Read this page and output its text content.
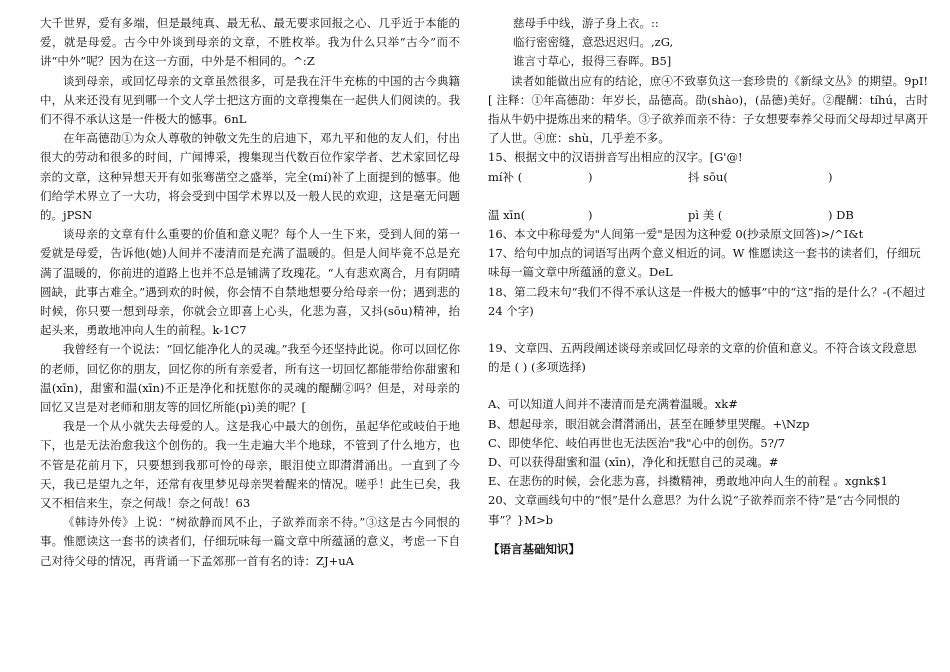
大千世界，爱有多端，但是最纯真、最无私、最无要求回报之心、几乎近于本能的爱，就是母爱。古今中外谈到母亲的文章，不胜枚举。我为什么只举“古今”而不讲“中外”呢？因为在这一方面，中外是不相同的。^:Z

谈到母亲，或回忆母亲的文章虽然很多，可是我在汗牛充栋的中国的古今典籍中，从来还没有见到哪一个文人学士把这方面的文章搜集在一起供人们阅读的。我们不得不承认这是一件极大的憾事。6nL

在年高德劭①为众人尊敬的钟敬文先生的启迪下，邓九平和他的友人们，付出很大的劳动和很多的时间，广闻博采，搜集现当代数百位作家学者、艺术家回忆母亲的文章，这种异想天开有如张骞凿空之盛举，完全(mí)补了上面提到的憾事。他们给学术界立了一大功，将会受到中国学术界以及一般人民的欢迎，这是毫无问题的。jPSN

谈母亲的文章有什么重要的价值和意义呢？每个人一生下来，受到人间的第一爱就是母爱，告诉他(她)人间并不凄清而是充满了温暖的。但是人间毕竟不总是充满了温暖的，你前进的道路上也并不总是铺满了玫瑰花。“人有悲欢离合，月有阴晴圆缺，此事古难全。”遇到欢的时候，你会情不自禁地想要分给母亲一份；遇到悲的时候，你只要一想到母亲，你就会立即喜上心头，化悲为喜，又抖(sōu)精神，抬起头来，勇敢地冲向人生的前程。k-1C7

我曾经有一个说法：“回忆能净化人的灵魂。”我至今还坚持此说。你可以回忆你的老师，回忆你的朋友，回忆你的所有亲爱者，所有这一切回忆都能带给你甜蜜和温(xīn)，甜蜜和温(xīn)不正是净化和抚慰你的灵魂的醍醐②吗？但是，对母亲的回忆又岂是对老师和朋友等的回忆所能(pì)美的呢？[

我是一个从小就失去母爱的人。这是我心中最大的创伤，虽起华佗或岐伯于地下，也是无法治愈我这个创伤的。我一生走遍大半个地球，不管到了什么地方，也不管是花前月下，只要想到我那可怜的母亲，眼泪使立即潸潸涌出。一直到了今天，我已是望九之年，还常有夜里梦见母亲哭着醒来的情况。嗟乎！此生已矣，我又不相信来生，奈之何哉！奈之何哉！63

《韩诗外传》上说：“树欲静而风不止，子欲养而亲不待。”③这是古今同恨的事。惟愿读这一套书的读者们，仔细玩味每一篇文章中所蕴涵的意义，考虑一下自己对待父母的情况，再背诵一下孟郊那一首有名的诗：ZJ+uA

慈母手中线，游子身上衣。::

临行密密缝，意恐迟迟归。,zG,

谁言寸草心，报得三春晖。B5]

读者如能做出应有的结论，庶④不致辜负这一套珍贵的《新绿文丛》的期望。9pI![ 注释：①年高德劭：年岁长，品德高。劭(shào)，(品德)美好。②醍醐：tíhú，古时指从牛奶中提炼出来的精华。③子欲养而亲不待：子女想要奉养父母而父母却过早离开了人世。④庶：shù，几乎差不多。

15、根据文中的汉语拼音写出相应的汉字。[G'@!

mí补 (	)	抖 sōu(	)
温 xīn(	)	pì 美 (	) DB

16、本文中称母爱为"人间第一爱"是因为这种爱 0(抄录原文回答)>/^I&t

17、给句中加点的词语写出两个意义相近的词。W 惟愿读这一套书的读者们，仔细玩味每一篇文章中所蕴涵的意义。DeL

18、第二段末句“我们不得不承认这是一件极大的憾事”中的“这”指的是什么？-(不超过 24 个字)

19、文章四、五两段阐述谈母亲或回忆母亲的文章的价值和意义。不符合该文段意思的是 ( ) (多项选择)

A、可以知道人间并不凄清而是充满着温暖。xk#

B、想起母亲，眼泪就会潸潸涌出，甚至在睡梦里哭醒。+\Nzp

C、即使华佗、岐伯再世也无法医治"我"心中的创伤。5?/7

D、可以获得甜蜜和温 (xīn)，净化和抚慰自己的灵魂。#

E、在悲伤的时候，会化悲为喜，抖擞精神，勇敢地冲向人生的前程 。xgnk$1

20、文章画线句中的“恨”是什么意思？为什么说“子欲养而亲不待”是“古今同恨的事”？}M>b

【语言基础知识】
